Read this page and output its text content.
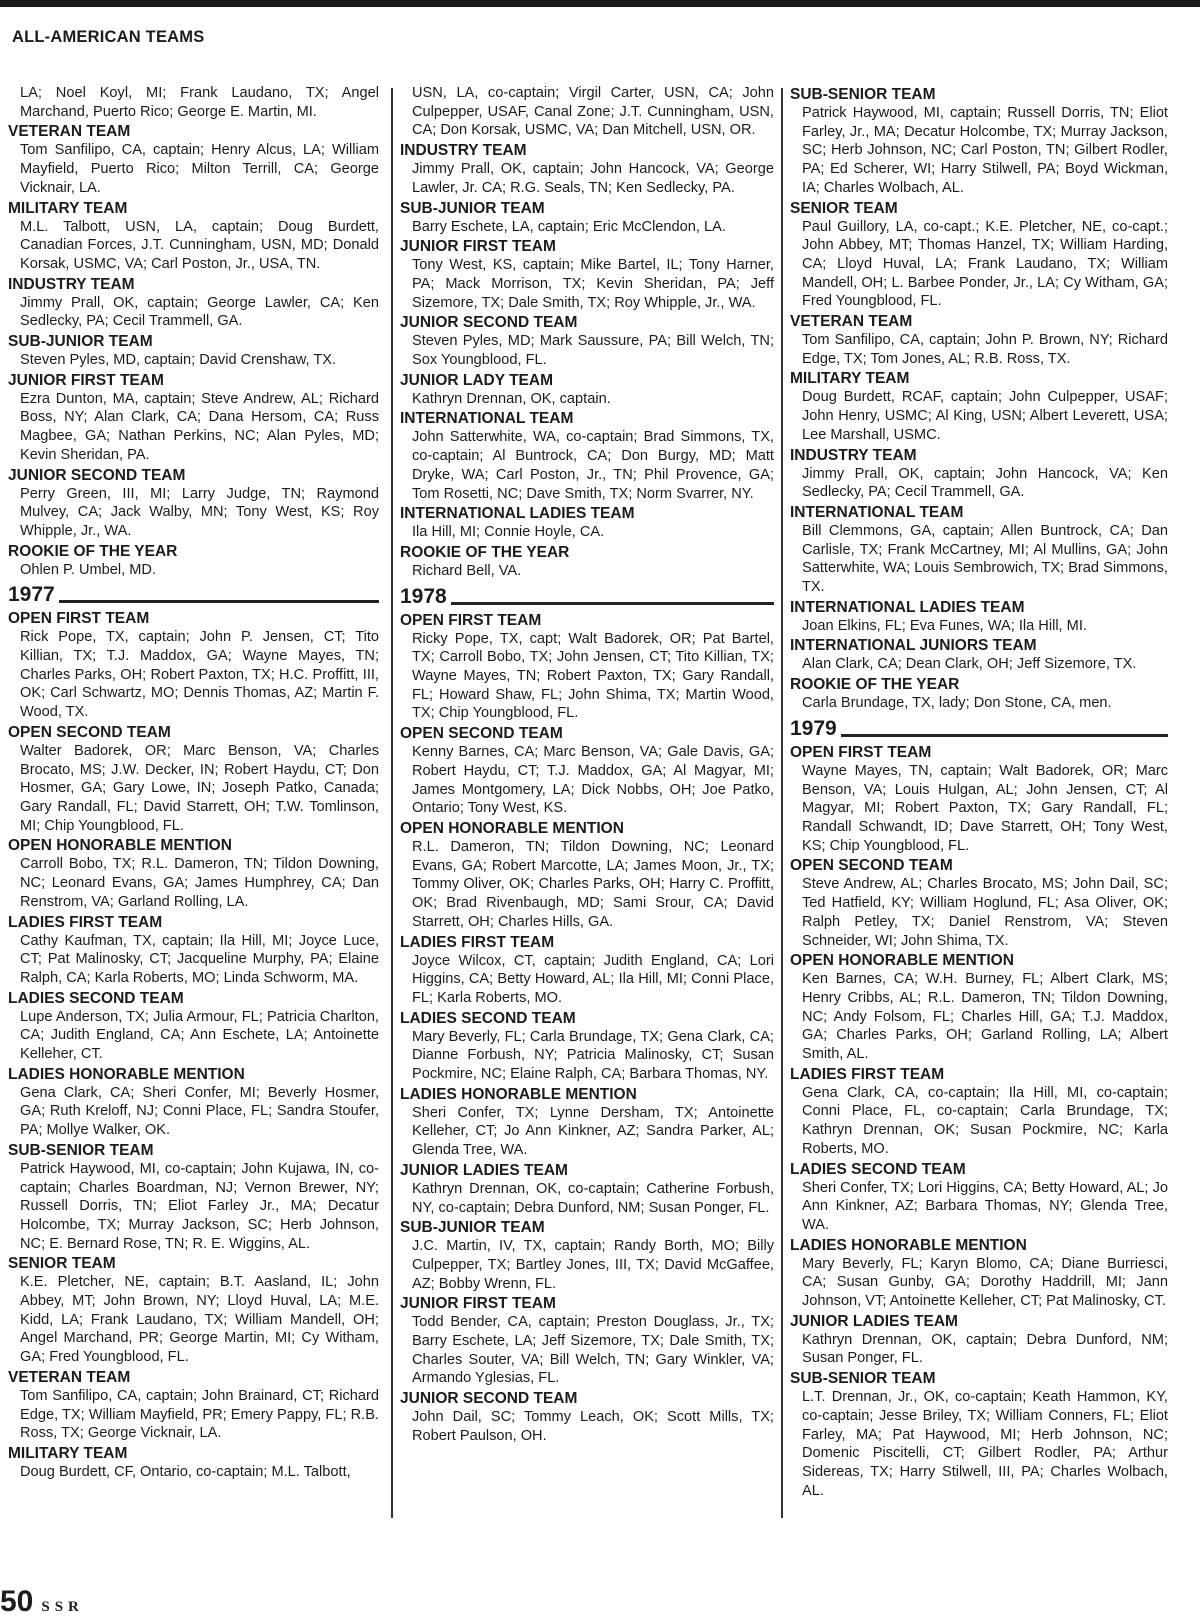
ALL-AMERICAN TEAMS
LA; Noel Koyl, MI; Frank Laudano, TX; Angel Marchand, Puerto Rico; George E. Martin, MI.
VETERAN TEAM
Tom Sanfilipo, CA, captain; Henry Alcus, LA; William Mayfield, Puerto Rico; Milton Terrill, CA; George Vicknair, LA.
MILITARY TEAM
M.L. Talbott, USN, LA, captain; Doug Burdett, Canadian Forces, J.T. Cunningham, USN, MD; Donald Korsak, USMC, VA; Carl Poston, Jr., USA, TN.
INDUSTRY TEAM
Jimmy Prall, OK, captain; George Lawler, CA; Ken Sedlecky, PA; Cecil Trammell, GA.
SUB-JUNIOR TEAM
Steven Pyles, MD, captain; David Crenshaw, TX.
JUNIOR FIRST TEAM
Ezra Dunton, MA, captain; Steve Andrew, AL; Richard Boss, NY; Alan Clark, CA; Dana Hersom, CA; Russ Magbee, GA; Nathan Perkins, NC; Alan Pyles, MD; Kevin Sheridan, PA.
JUNIOR SECOND TEAM
Perry Green, III, MI; Larry Judge, TN; Raymond Mulvey, CA; Jack Walby, MN; Tony West, KS; Roy Whipple, Jr., WA.
ROOKIE OF THE YEAR
Ohlen P. Umbel, MD.
1977
OPEN FIRST TEAM
Rick Pope, TX, captain; John P. Jensen, CT; Tito Killian, TX; T.J. Maddox, GA; Wayne Mayes, TN; Charles Parks, OH; Robert Paxton, TX; H.C. Proffitt, III, OK; Carl Schwartz, MO; Dennis Thomas, AZ; Martin F. Wood, TX.
OPEN SECOND TEAM
Walter Badorek, OR; Marc Benson, VA; Charles Brocato, MS; J.W. Decker, IN; Robert Haydu, CT; Don Hosmer, GA; Gary Lowe, IN; Joseph Patko, Canada; Gary Randall, FL; David Starrett, OH; T.W. Tomlinson, MI; Chip Youngblood, FL.
OPEN HONORABLE MENTION
Carroll Bobo, TX; R.L. Dameron, TN; Tildon Downing, NC; Leonard Evans, GA; James Humphrey, CA; Dan Renstrom, VA; Garland Rolling, LA.
LADIES FIRST TEAM
Cathy Kaufman, TX, captain; Ila Hill, MI; Joyce Luce, CT; Pat Malinosky, CT; Jacqueline Murphy, PA; Elaine Ralph, CA; Karla Roberts, MO; Linda Schworm, MA.
LADIES SECOND TEAM
Lupe Anderson, TX; Julia Armour, FL; Patricia Charlton, CA; Judith England, CA; Ann Eschete, LA; Antoinette Kelleher, CT.
LADIES HONORABLE MENTION
Gena Clark, CA; Sheri Confer, MI; Beverly Hosmer, GA; Ruth Kreloff, NJ; Conni Place, FL; Sandra Stoufer, PA; Mollye Walker, OK.
SUB-SENIOR TEAM
Patrick Haywood, MI, co-captain; John Kujawa, IN, co-captain; Charles Boardman, NJ; Vernon Brewer, NY; Russell Dorris, TN; Eliot Farley Jr., MA; Decatur Holcombe, TX; Murray Jackson, SC; Herb Johnson, NC; E. Bernard Rose, TN; R. E. Wiggins, AL.
SENIOR TEAM
K.E. Pletcher, NE, captain; B.T. Aasland, IL; John Abbey, MT; John Brown, NY; Lloyd Huval, LA; M.E. Kidd, LA; Frank Laudano, TX; William Mandell, OH; Angel Marchand, PR; George Martin, MI; Cy Witham, GA; Fred Youngblood, FL.
VETERAN TEAM
Tom Sanfilipo, CA, captain; John Brainard, CT; Richard Edge, TX; William Mayfield, PR; Emery Pappy, FL; R.B. Ross, TX; George Vicknair, LA.
MILITARY TEAM
Doug Burdett, CF, Ontario, co-captain; M.L. Talbott,
USN, LA, co-captain; Virgil Carter, USN, CA; John Culpepper, USAF, Canal Zone; J.T. Cunningham, USN, CA; Don Korsak, USMC, VA; Dan Mitchell, USN, OR.
INDUSTRY TEAM
Jimmy Prall, OK, captain; John Hancock, VA; George Lawler, Jr. CA; R.G. Seals, TN; Ken Sedlecky, PA.
SUB-JUNIOR TEAM
Barry Eschete, LA, captain; Eric McClendon, LA.
JUNIOR FIRST TEAM
Tony West, KS, captain; Mike Bartel, IL; Tony Harner, PA; Mack Morrison, TX; Kevin Sheridan, PA; Jeff Sizemore, TX; Dale Smith, TX; Roy Whipple, Jr., WA.
JUNIOR SECOND TEAM
Steven Pyles, MD; Mark Saussure, PA; Bill Welch, TN; Sox Youngblood, FL.
JUNIOR LADY TEAM
Kathryn Drennan, OK, captain.
INTERNATIONAL TEAM
John Satterwhite, WA, co-captain; Brad Simmons, TX, co-captain; Al Buntrock, CA; Don Burgy, MD; Matt Dryke, WA; Carl Poston, Jr., TN; Phil Provence, GA; Tom Rosetti, NC; Dave Smith, TX; Norm Svarrer, NY.
INTERNATIONAL LADIES TEAM
Ila Hill, MI; Connie Hoyle, CA.
ROOKIE OF THE YEAR
Richard Bell, VA.
1978
OPEN FIRST TEAM
Ricky Pope, TX, capt; Walt Badorek, OR; Pat Bartel, TX; Carroll Bobo, TX; John Jensen, CT; Tito Killian, TX; Wayne Mayes, TN; Robert Paxton, TX; Gary Randall, FL; Howard Shaw, FL; John Shima, TX; Martin Wood, TX; Chip Youngblood, FL.
OPEN SECOND TEAM
Kenny Barnes, CA; Marc Benson, VA; Gale Davis, GA; Robert Haydu, CT; T.J. Maddox, GA; Al Magyar, MI; James Montgomery, LA; Dick Nobbs, OH; Joe Patko, Ontario; Tony West, KS.
OPEN HONORABLE MENTION
R.L. Dameron, TN; Tildon Downing, NC; Leonard Evans, GA; Robert Marcotte, LA; James Moon, Jr., TX; Tommy Oliver, OK; Charles Parks, OH; Harry C. Proffitt, OK; Brad Rivenbaugh, MD; Sami Srour, CA; David Starrett, OH; Charles Hills, GA.
LADIES FIRST TEAM
Joyce Wilcox, CT, captain; Judith England, CA; Lori Higgins, CA; Betty Howard, AL; Ila Hill, MI; Conni Place, FL; Karla Roberts, MO.
LADIES SECOND TEAM
Mary Beverly, FL; Carla Brundage, TX; Gena Clark, CA; Dianne Forbush, NY; Patricia Malinosky, CT; Susan Pockmire, NC; Elaine Ralph, CA; Barbara Thomas, NY.
LADIES HONORABLE MENTION
Sheri Confer, TX; Lynne Dersham, TX; Antoinette Kelleher, CT; Jo Ann Kinkner, AZ; Sandra Parker, AL; Glenda Tree, WA.
JUNIOR LADIES TEAM
Kathryn Drennan, OK, co-captain; Catherine Forbush, NY, co-captain; Debra Dunford, NM; Susan Ponger, FL.
SUB-JUNIOR TEAM
J.C. Martin, IV, TX, captain; Randy Borth, MO; Billy Culpepper, TX; Bartley Jones, III, TX; David McGaffee, AZ; Bobby Wrenn, FL.
JUNIOR FIRST TEAM
Todd Bender, CA, captain; Preston Douglass, Jr., TX; Barry Eschete, LA; Jeff Sizemore, TX; Dale Smith, TX; Charles Souter, VA; Bill Welch, TN; Gary Winkler, VA; Armando Yglesias, FL.
JUNIOR SECOND TEAM
John Dail, SC; Tommy Leach, OK; Scott Mills, TX; Robert Paulson, OH.
SUB-SENIOR TEAM
Patrick Haywood, MI, captain; Russell Dorris, TN; Eliot Farley, Jr., MA; Decatur Holcombe, TX; Murray Jackson, SC; Herb Johnson, NC; Carl Poston, TN; Gilbert Rodler, PA; Ed Scherer, WI; Harry Stilwell, PA; Boyd Wickman, IA; Charles Wolbach, AL.
SENIOR TEAM
Paul Guillory, LA, co-capt.; K.E. Pletcher, NE, co-capt.; John Abbey, MT; Thomas Hanzel, TX; William Harding, CA; Lloyd Huval, LA; Frank Laudano, TX; William Mandell, OH; L. Barbee Ponder, Jr., LA; Cy Witham, GA; Fred Youngblood, FL.
VETERAN TEAM
Tom Sanfilipo, CA, captain; John P. Brown, NY; Richard Edge, TX; Tom Jones, AL; R.B. Ross, TX.
MILITARY TEAM
Doug Burdett, RCAF, captain; John Culpepper, USAF; John Henry, USMC; Al King, USN; Albert Leverett, USA; Lee Marshall, USMC.
INDUSTRY TEAM
Jimmy Prall, OK, captain; John Hancock, VA; Ken Sedlecky, PA; Cecil Trammell, GA.
INTERNATIONAL TEAM
Bill Clemmons, GA, captain; Allen Buntrock, CA; Dan Carlisle, TX; Frank McCartney, MI; Al Mullins, GA; John Satterwhite, WA; Louis Sembrowich, TX; Brad Simmons, TX.
INTERNATIONAL LADIES TEAM
Joan Elkins, FL; Eva Funes, WA; Ila Hill, MI.
INTERNATIONAL JUNIORS TEAM
Alan Clark, CA; Dean Clark, OH; Jeff Sizemore, TX.
ROOKIE OF THE YEAR
Carla Brundage, TX, lady; Don Stone, CA, men.
1979
OPEN FIRST TEAM
Wayne Mayes, TN, captain; Walt Badorek, OR; Marc Benson, VA; Louis Hulgan, AL; John Jensen, CT; Al Magyar, MI; Robert Paxton, TX; Gary Randall, FL; Randall Schwandt, ID; Dave Starrett, OH; Tony West, KS; Chip Youngblood, FL.
OPEN SECOND TEAM
Steve Andrew, AL; Charles Brocato, MS; John Dail, SC; Ted Hatfield, KY; William Hoglund, FL; Asa Oliver, OK; Ralph Petley, TX; Daniel Renstrom, VA; Steven Schneider, WI; John Shima, TX.
OPEN HONORABLE MENTION
Ken Barnes, CA; W.H. Burney, FL; Albert Clark, MS; Henry Cribbs, AL; R.L. Dameron, TN; Tildon Downing, NC; Andy Folsom, FL; Charles Hill, GA; T.J. Maddox, GA; Charles Parks, OH; Garland Rolling, LA; Albert Smith, AL.
LADIES FIRST TEAM
Gena Clark, CA, co-captain; Ila Hill, MI, co-captain; Conni Place, FL, co-captain; Carla Brundage, TX; Kathryn Drennan, OK; Susan Pockmire, NC; Karla Roberts, MO.
LADIES SECOND TEAM
Sheri Confer, TX; Lori Higgins, CA; Betty Howard, AL; Jo Ann Kinkner, AZ; Barbara Thomas, NY; Glenda Tree, WA.
LADIES HONORABLE MENTION
Mary Beverly, FL; Karyn Blomo, CA; Diane Burriesci, CA; Susan Gunby, GA; Dorothy Haddrill, MI; Jann Johnson, VT; Antoinette Kelleher, CT; Pat Malinosky, CT.
JUNIOR LADIES TEAM
Kathryn Drennan, OK, captain; Debra Dunford, NM; Susan Ponger, FL.
SUB-SENIOR TEAM
L.T. Drennan, Jr., OK, co-captain; Keath Hammon, KY, co-captain; Jesse Briley, TX; William Conners, FL; Eliot Farley, MA; Pat Haywood, MI; Herb Johnson, NC; Domenic Piscitelli, CT; Gilbert Rodler, PA; Arthur Sidereas, TX; Harry Stilwell, III, PA; Charles Wolbach, AL.
50 SSR
